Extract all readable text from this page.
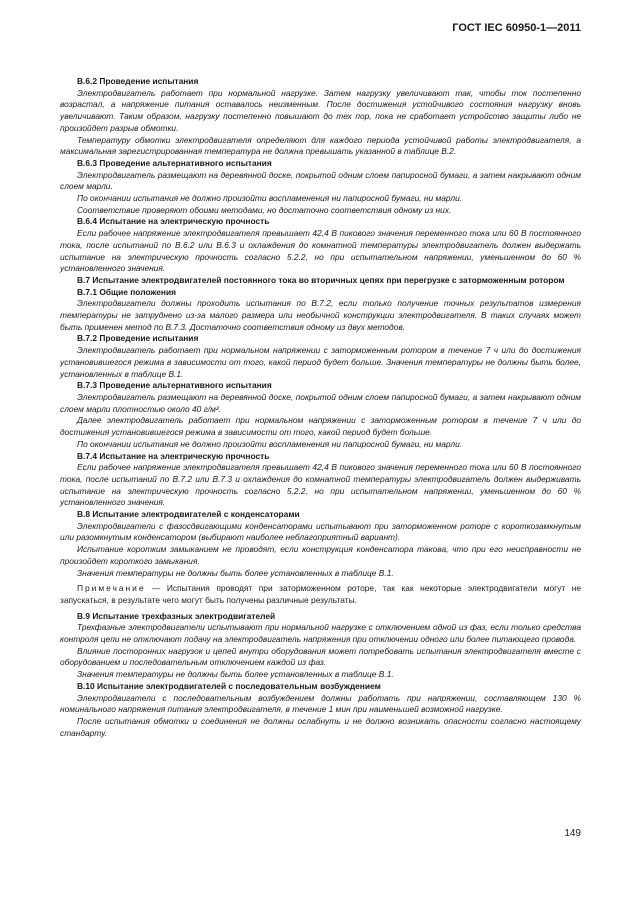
ГОСТ IEC 60950-1—2011

B.6.2 Проведение испытания

Электродвигатель работает при нормальной нагрузке. Затем нагрузку увеличивают так, чтобы ток постепенно возрастал, а напряжение питания оставалось неизменным. После достижения устойчивого состояния нагрузку вновь увеличивают. Таким образом, нагрузку постепенно повышают до тех пор, пока не сработает устройство защиты либо не произойдет разрыв обмотки.

Температуру обмотки электродвигателя определяют для каждого периода устойчивой работы электродвигателя, а максимальная зарегистрированная температура не должна превышать указанной в таблице B.2.

B.6.3 Проведение альтернативного испытания

Электродвигатель размещают на деревянной доске, покрытой одним слоем папиросной бумаги, а затем накрывают одним слоем марли.

По окончании испытания не должно произойти воспламенения ни папиросной бумаги, ни марли.

Соответствие проверяют обоими методами, но достаточно соответствия одному из них.

B.6.4 Испытание на электрическую прочность

Если рабочее напряжение электродвигателя превышает 42,4 В пикового значения переменного тока или 60 В постоянного тока, после испытаний по B.6.2 или B.6.3 и охлаждения до комнатной температуры электродвигатель должен выдержать испытание на электрическую прочность согласно 5.2.2, но при испытательном напряжении, уменьшенном до 60 % установленного значения.

B.7 Испытание электродвигателей постоянного тока во вторичных цепях при перегрузке с заторможенным ротором

B.7.1 Общие положения

Электродвигатели должны проходить испытания по B.7.2, если только получение точных результатов измерения температуры не затруднено из-за малого размера или необычной конструкции электродвигателя. В таких случаях может быть применен метод по B.7.3. Достаточно соответствия одному из двух методов.

B.7.2 Проведение испытания

Электродвигатель работает при нормальном напряжении с заторможенным ротором в течение 7 ч или до достижения установившегося режима в зависимости от того, какой период будет больше. Значения температуры не должны быть более, установленных в таблице B.1.

B.7.3 Проведение альтернативного испытания

Электродвигатель размещают на деревянной доске, покрытой одним слоем папиросной бумаги, а затем накрывают одним слоем марли плотностью около 40 г/м².

Далее электродвигатель работает при нормальном напряжении с заторможенным ротором в течение 7 ч или до достижения установившегося режима в зависимости от того, какой период будет больше.

По окончании испытания не должно произойти воспламенения ни папиросной бумаги, ни марли.

B.7.4 Испытание на электрическую прочность

Если рабочее напряжение электродвигателя превышает 42,4 В пикового значения переменного тока или 60 В постоянного тока, после испытаний по B.7.2 или B.7.3 и охлаждения до комнатной температуры электродвигатель должен выдерживать испытание на электрическую прочность согласно 5.2.2, но при испытательном напряжении, уменьшенном до 60 % установленного значения.

B.8 Испытание электродвигателей с конденсаторами

Электродвигатели с фазосдвигающими конденсаторами испытывают при заторможенном роторе с короткозамкнутым или разомкнутым конденсатором (выбирают наиболее неблагоприятный вариант).

Испытание коротким замыканием не проводят, если конструкция конденсатора такова, что при его неисправности не произойдет короткого замыкания.

Значения температуры не должны быть более установленных в таблице B.1.

Примечание — Испытания проводят при заторможенном роторе, так как некоторые электродвигатели могут не запускаться, в результате чего могут быть получены различные результаты.

B.9 Испытание трехфазных электродвигателей

Трехфазные электродвигатели испытывают при нормальной нагрузке с отключением одной из фаз, если только средства контроля цепи не отключают подачу на электродвигатель напряжения при отключении одного или более питающего провода.

Влияние посторонних нагрузок и цепей внутри оборудования может потребовать испытания электродвигателя вместе с оборудованием и последовательным отключением каждой из фаз.

Значения температуры не должны быть более установленных в таблице B.1.

B.10 Испытание электродвигателей с последовательным возбуждением

Электродвигатели с последовательным возбуждением должны работать при напряжении, составляющем 130 % номинального напряжения питания электродвигателя, в течение 1 мин при наименьшей возможной нагрузке.

После испытания обмотки и соединения не должны ослабнуть и не должно возникать опасности согласно настоящему стандарту.

149
